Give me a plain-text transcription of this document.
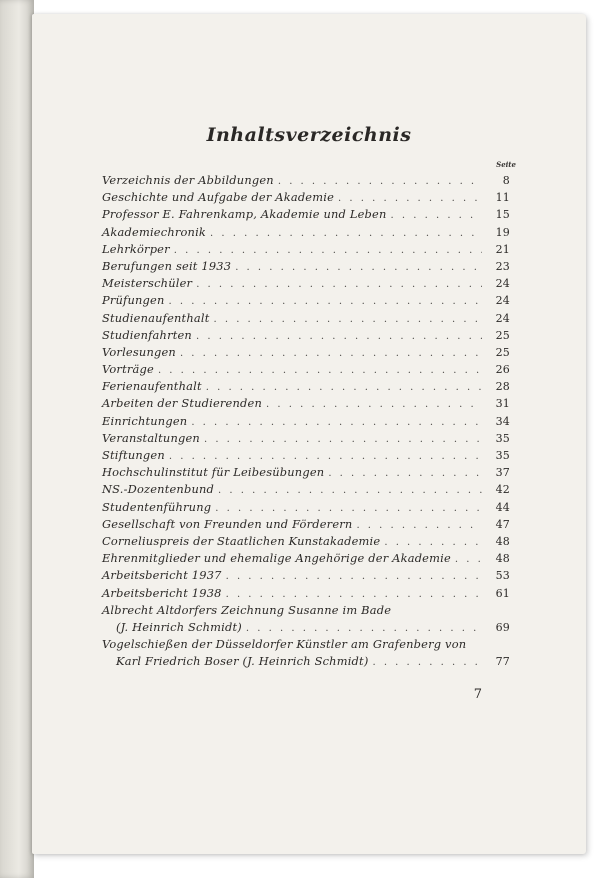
Inhaltsverzeichnis
Seite
Verzeichnis der Abbildungen . . .	8
Geschichte und Aufgabe der Akademie . . .	11
Professor E. Fahrenkamp, Akademie und Leben . . .	15
Akademiechronik . . .	19
Lehrkörper . . .	21
Berufungen seit 1933 . . .	23
Meisterschüler . . .	24
Prüfungen . . .	24
Studienaufenthalt . . .	24
Studienfahrten . . .	25
Vorlesungen . . .	25
Vorträge . . .	26
Ferienaufenthalt . . .	28
Arbeiten der Studierenden . . .	31
Einrichtungen . . .	34
Veranstaltungen . . .	35
Stiftungen . . .	35
Hochschulinstitut für Leibesübungen . . .	37
NS.-Dozentenbund . . .	42
Studentenführung . . .	44
Gesellschaft von Freunden und Förderern . . .	47
Corneliuspreis der Staatlichen Kunstakademie . . .	48
Ehrenmitglieder und ehemalige Angehörige der Akademie . . .	48
Arbeitsbericht 1937 . . .	53
Arbeitsbericht 1938 . . .	61
Albrecht Altdorfers Zeichnung Susanne im Bade
(J. Heinrich Schmidt) . . .	69
Vogelschießen der Düsseldorfer Künstler am Grafenberg von
Karl Friedrich Boser (J. Heinrich Schmidt) . . .	77
7
